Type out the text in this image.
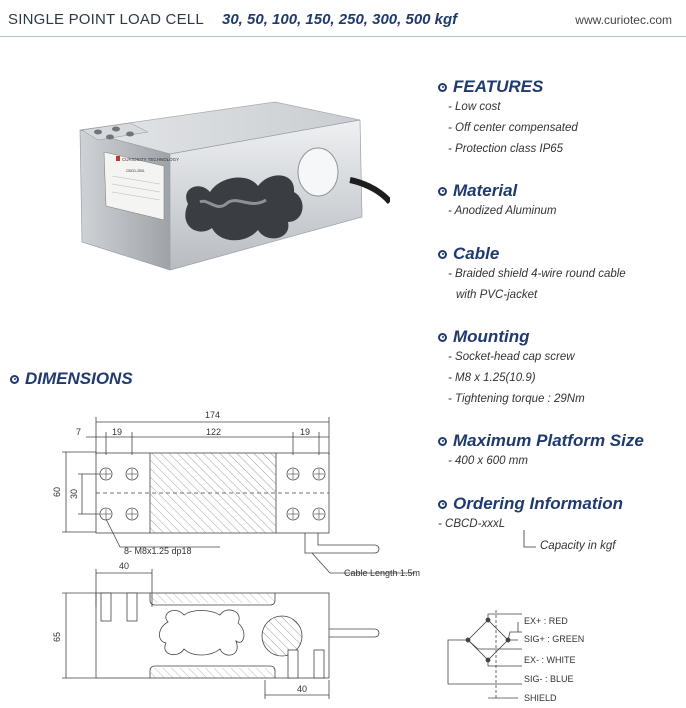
SINGLE POINT LOAD CELL 30, 50, 100, 150, 250, 300, 500 kgf	www.curiotec.com
CURIOSITY TECHNOLOGY
CBCD-250L
FEATURES
- Low cost
- Off center compensated
- Protection class IP65
Material
- Anodized Aluminum
Cable
- Braided shield 4-wire round cable
with PVC-jacket
Mounting
- Socket-head cap screw
- M8 x 1.25(10.9)
- Tightening torque : 29Nm
Maximum Platform Size
- 400 x 600 mm
Ordering Information
- CBCD-xxxL
Capacity in kgf
DIMENSIONS
174
7	19	122	19
60 30
8- M8x1.25 dp18
Cable Length 1.5m
40
65
40
EX+ : RED
SIG+ : GREEN
EX- : WHITE
SIG- : BLUE
SHIELD
